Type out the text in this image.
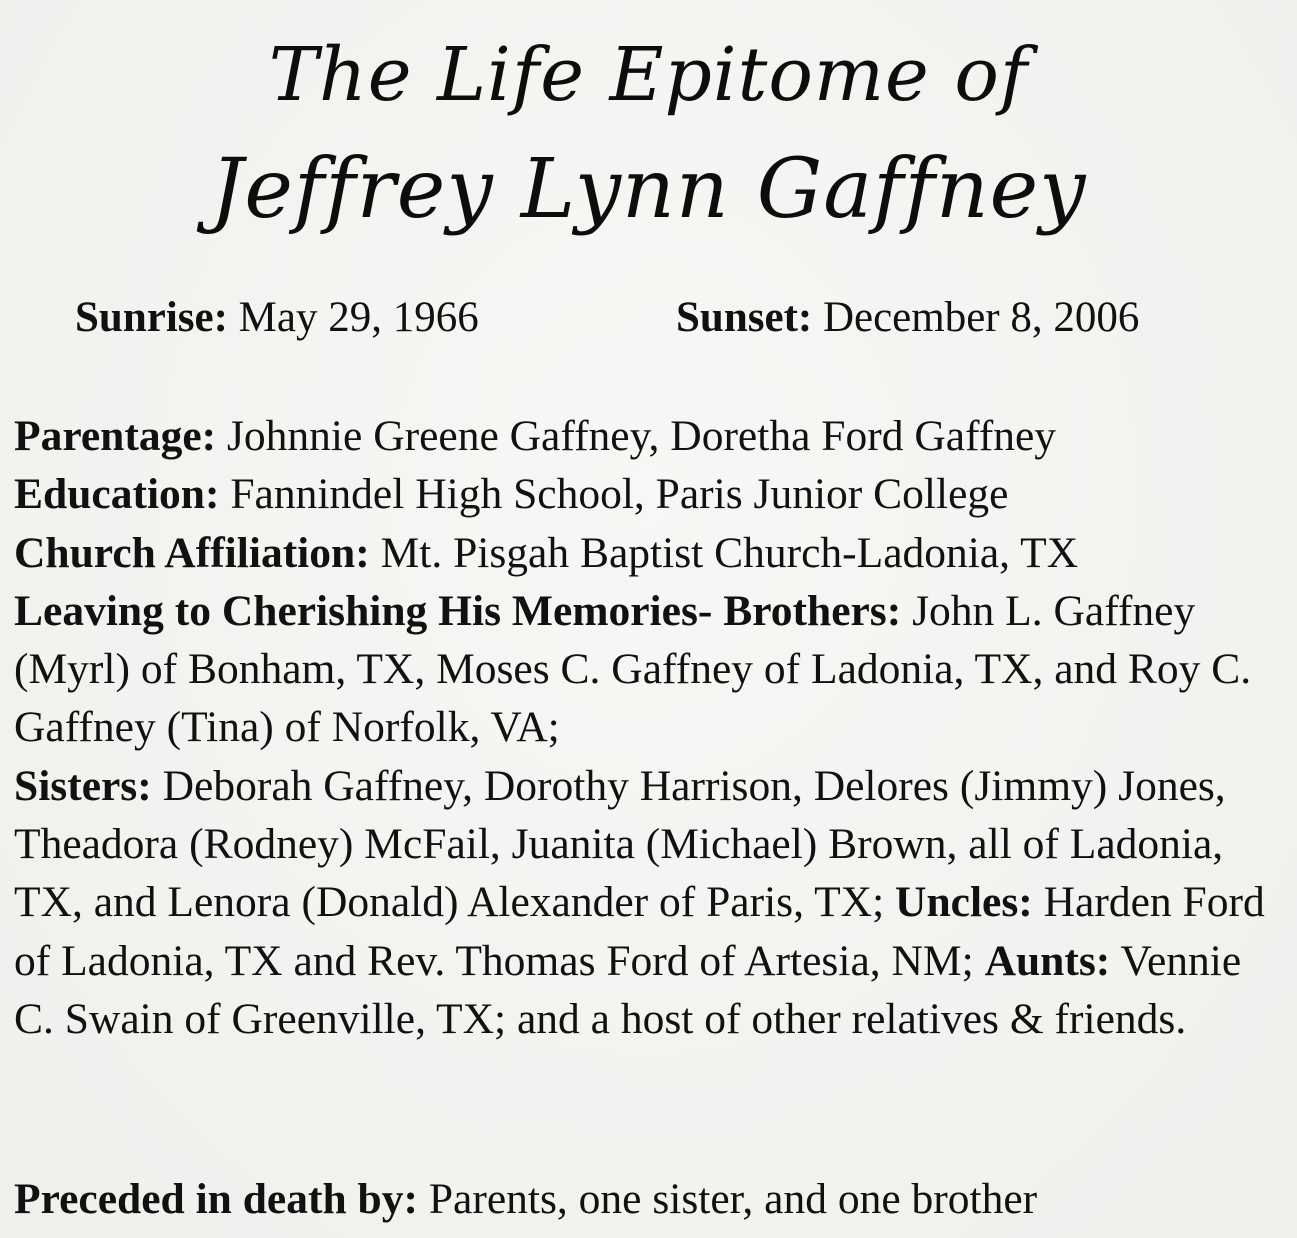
The Life Epitome of
Jeffrey Lynn Gaffney
Sunrise: May 29, 1966	Sunset: December 8, 2006

Parentage: Johnnie Greene Gaffney, Doretha Ford Gaffney

Education: Fannindel High School, Paris Junior College

Church Affiliation: Mt. Pisgah Baptist Church-Ladonia, TX

Leaving to Cherishing His Memories- Brothers: John L. Gaffney (Myrl) of Bonham, TX, Moses C. Gaffney of Ladonia, TX, and Roy C. Gaffney (Tina) of Norfolk, VA;
Sisters: Deborah Gaffney, Dorothy Harrison, Delores (Jimmy) Jones, Theadora (Rodney) McFail, Juanita (Michael) Brown, all of Ladonia, TX, and Lenora (Donald) Alexander of Paris, TX; Uncles: Harden Ford of Ladonia, TX and Rev. Thomas Ford of Artesia, NM; Aunts: Vennie C. Swain of Greenville, TX; and a host of other relatives & friends.

Preceded in death by: Parents, one sister, and one brother
